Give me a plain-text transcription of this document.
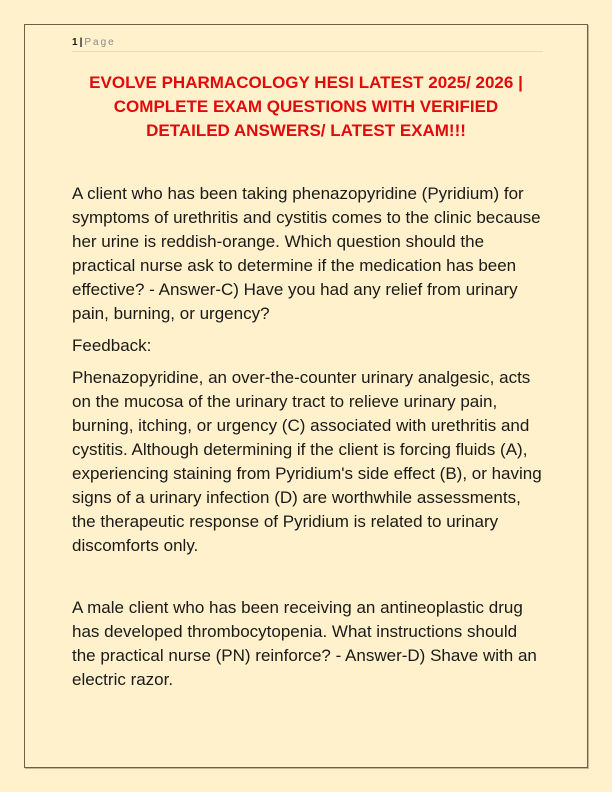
1 | Page
EVOLVE PHARMACOLOGY HESI LATEST 2025/ 2026 |
COMPLETE EXAM QUESTIONS WITH VERIFIED
DETAILED ANSWERS/ LATEST EXAM!!!

A client who has been taking phenazopyridine (Pyridium) for symptoms of urethritis and cystitis comes to the clinic because her urine is reddish-orange. Which question should the practical nurse ask to determine if the medication has been effective? - Answer-C) Have you had any relief from urinary pain, burning, or urgency?

Feedback:

Phenazopyridine, an over-the-counter urinary analgesic, acts on the mucosa of the urinary tract to relieve urinary pain, burning, itching, or urgency (C) associated with urethritis and cystitis. Although determining if the client is forcing fluids (A), experiencing staining from Pyridium's side effect (B), or having signs of a urinary infection (D) are worthwhile assessments, the therapeutic response of Pyridium is related to urinary discomforts only.

A male client who has been receiving an antineoplastic drug has developed thrombocytopenia. What instructions should the practical nurse (PN) reinforce? - Answer-D) Shave with an electric razor.
